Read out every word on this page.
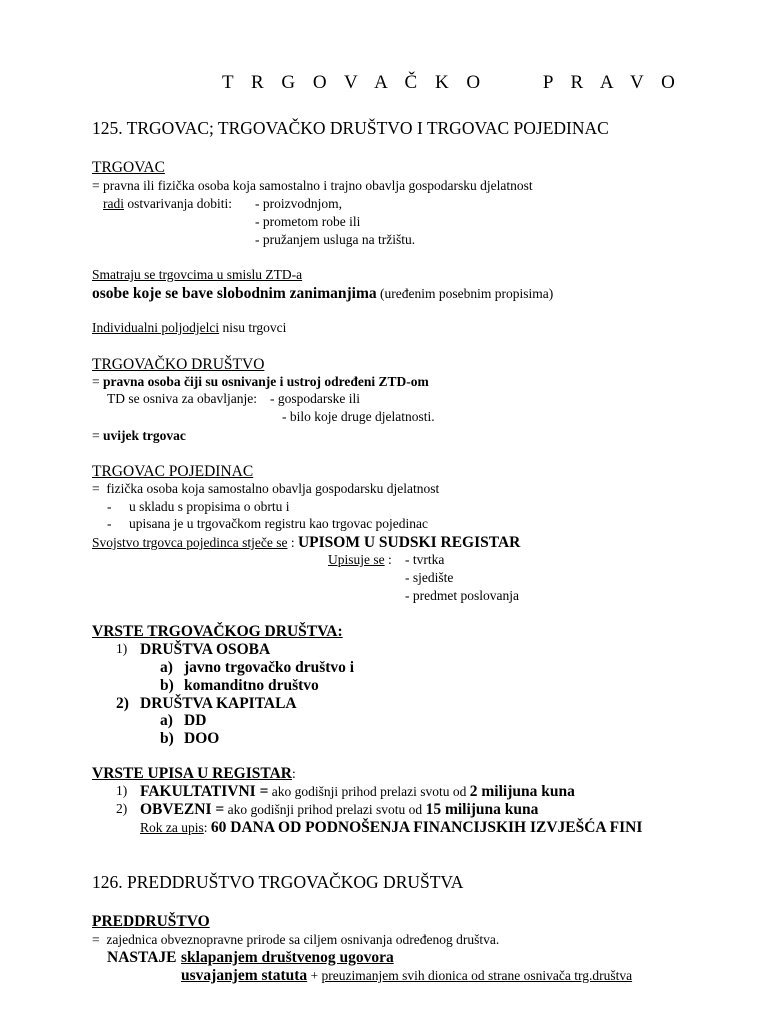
T R G O V A Č K O     P R A V O
125. TRGOVAC; TRGOVAČKO DRUŠTVO I TRGOVAC POJEDINAC
TRGOVAC
= pravna ili fizička osoba koja samostalno i trajno obavlja gospodarsku djelatnost
radi ostvarivanja dobiti: - proizvodnjom,
- prometom robe ili
- pružanjem usluga na tržištu.
Smatraju se trgovcima u smislu ZTD-a
osobe koje se bave slobodnim zanimanjima (uređenim posebnim propisima)
Individualni poljodjelci nisu trgovci
TRGOVAČKO DRUŠTVO
= pravna osoba čiji su osnivanje i ustroj određeni ZTD-om
TD se osniva za obavljanje: - gospodarske ili
- bilo koje druge djelatnosti.
= uvijek trgovac
TRGOVAC POJEDINAC
=  fizička osoba koja samostalno obavlja gospodarsku djelatnost
- u skladu s propisima o obrtu i
- upisana je u trgovačkom registru kao trgovac pojedinac
Svojstvo trgovca pojedinca stječe se : UPISOM U SUDSKI REGISTAR
Upisuje se : - tvrtka
- sjedište
- predmet poslovanja
VRSTE TRGOVAČKOG DRUŠTVA:
1) DRUŠTVA OSOBA
a) javno trgovačko društvo i
b) komanditno društvo
2) DRUŠTVA KAPITALA
a) DD
b) DOO
VRSTE UPISA U REGISTAR:
1) FAKULTATIVNI = ako godišnji prihod prelazi svotu od 2 milijuna kuna
2) OBVEZNI = ako godišnji prihod prelazi svotu od 15 milijuna kuna
Rok za upis: 60 DANA OD PODNOŠENJA FINANCIJSKIH IZVJEŠĆA FINI
126. PREDDRUŠTVO TRGOVAČKOG DRUŠTVA
PREDDRUŠTVO
=  zajednica obveznopravne prirode sa ciljem osnivanja određenog društva.
NASTAJE sklapanjem društvenog ugovora
usvajanjem statuta + preuzimanjem svih dionica od strane osnivača trg.društva
